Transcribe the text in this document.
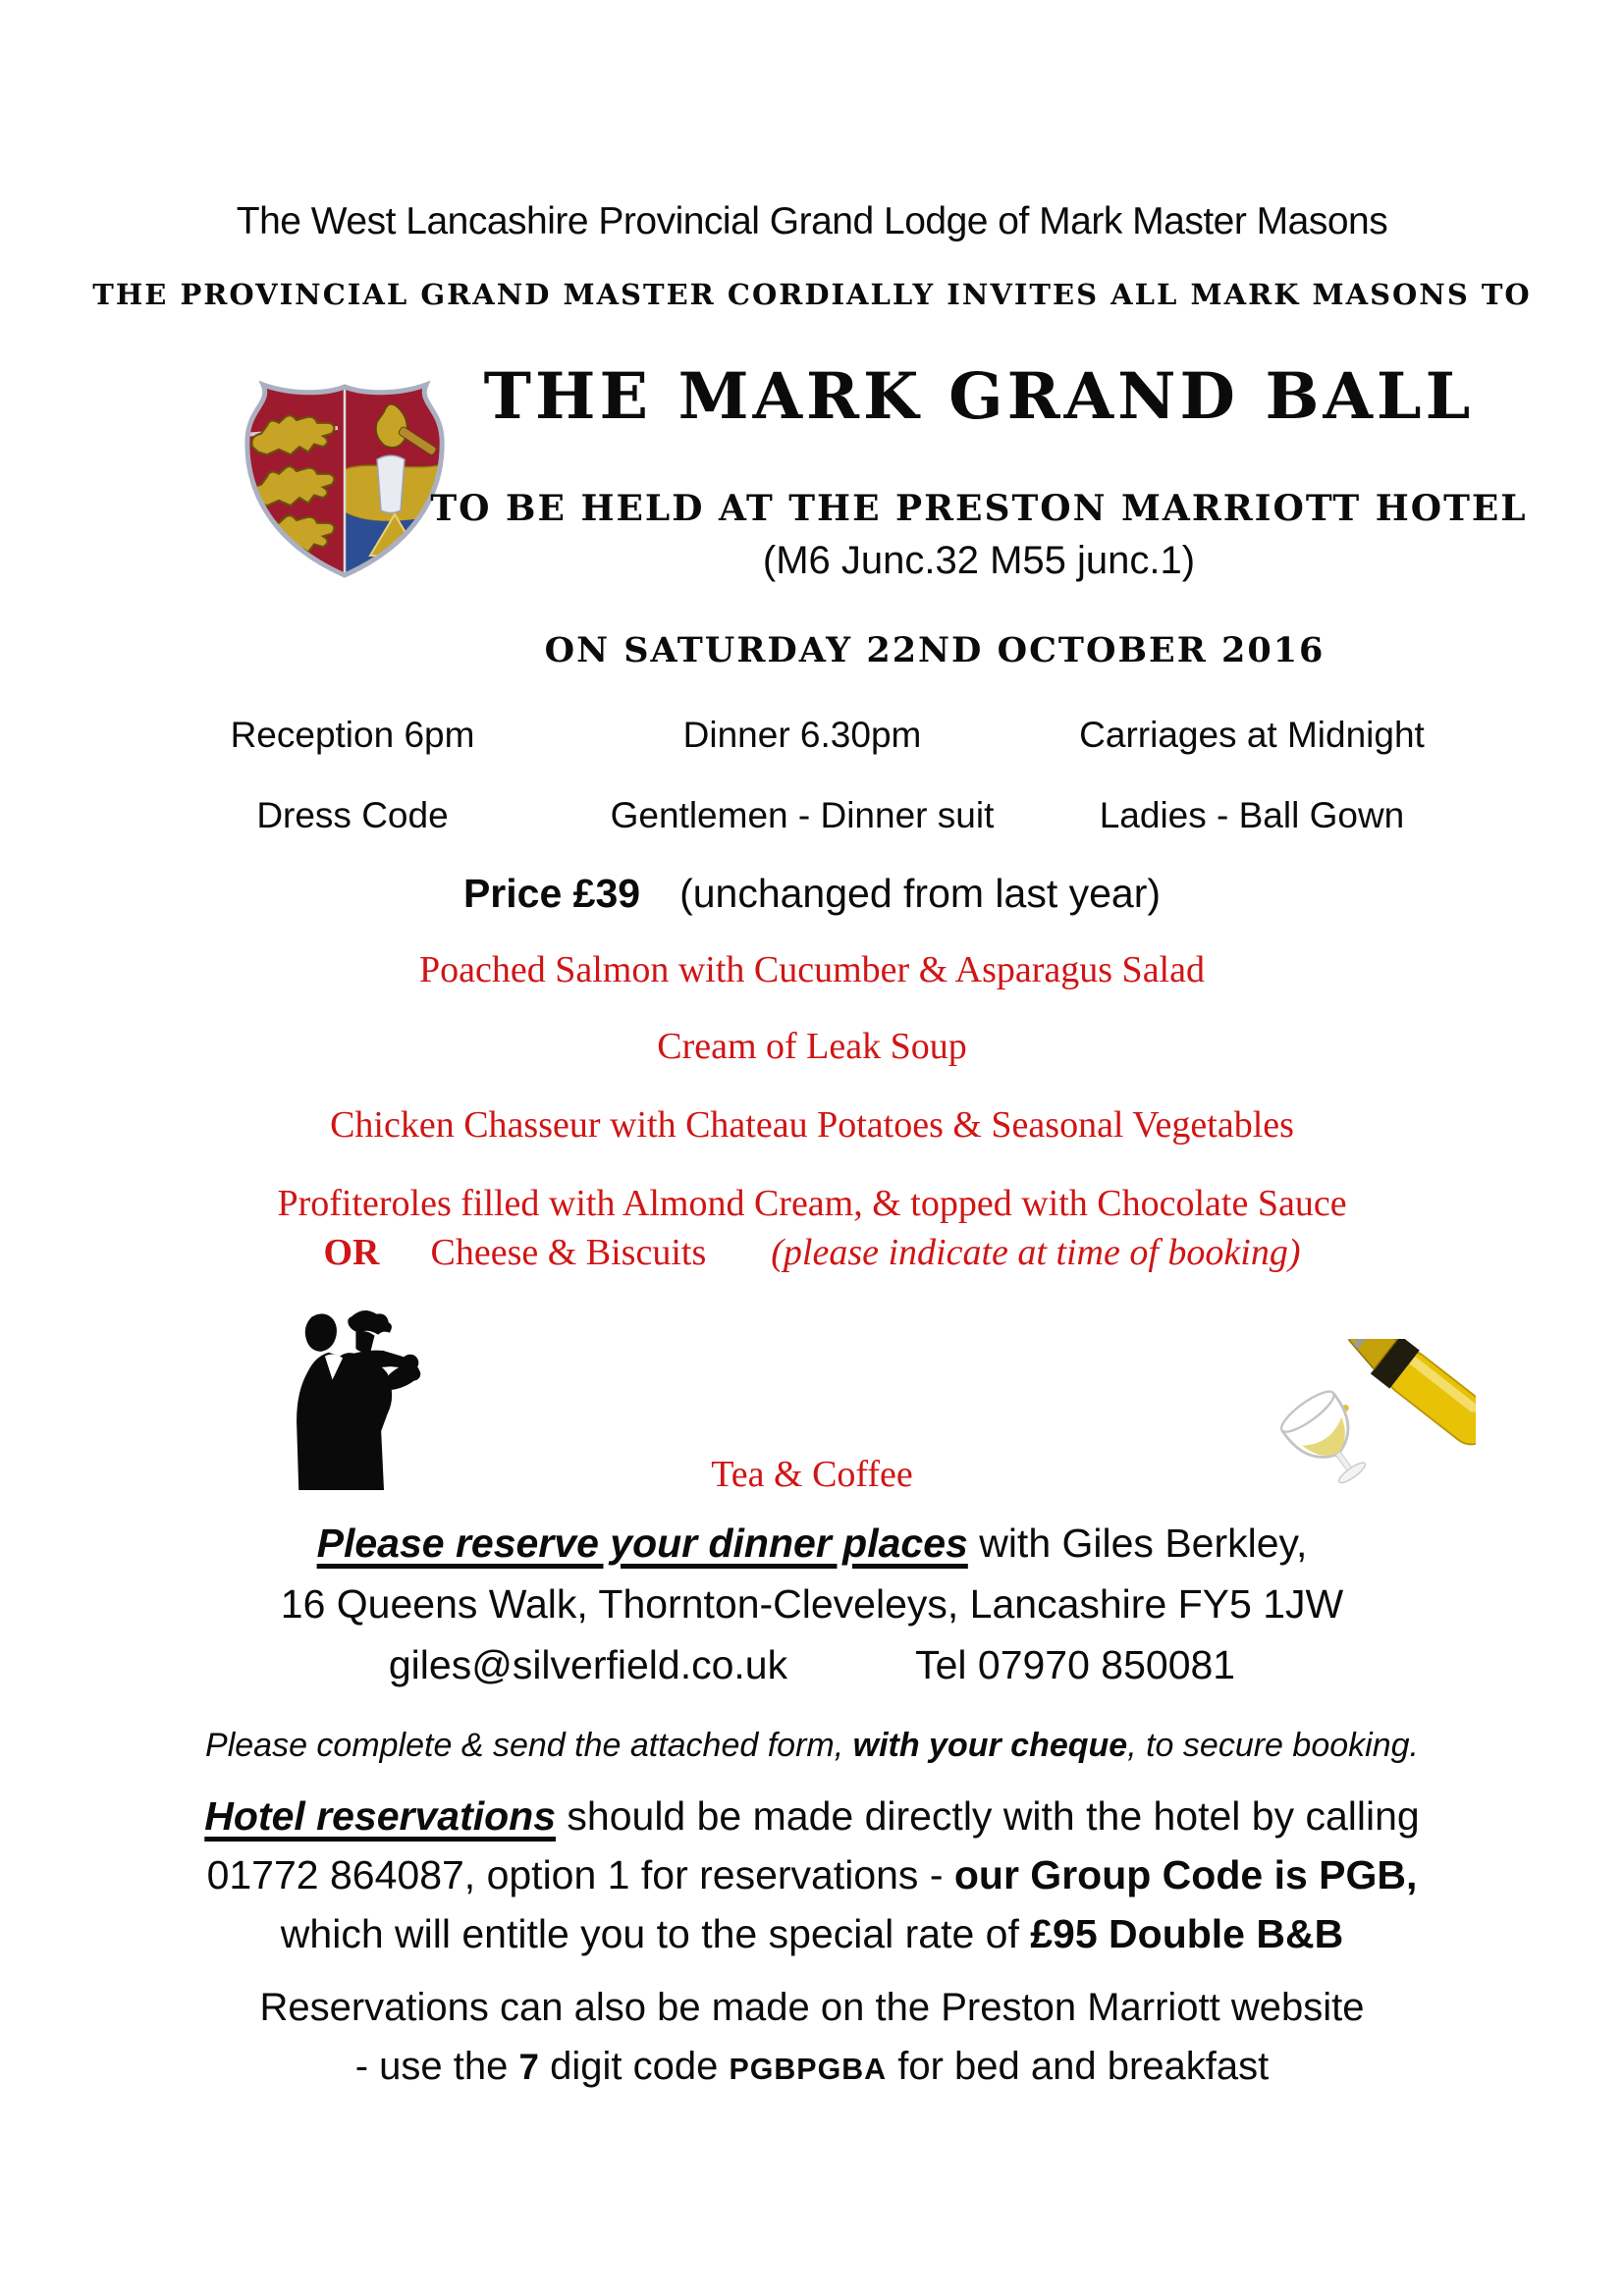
The West Lancashire Provincial Grand Lodge of Mark Master Masons
THE PROVINCIAL GRAND MASTER CORDIALLY INVITES ALL MARK MASONS TO
THE MARK GRAND BALL
TO BE HELD AT THE PRESTON MARRIOTT HOTEL
(M6 Junc.32 M55 junc.1)
ON SATURDAY 22ND OCTOBER 2016
Reception 6pm	Dinner 6.30pm	Carriages at Midnight
Dress Code	Gentlemen - Dinner suit	Ladies - Ball Gown
Price £39 (unchanged from last year)
Poached Salmon with Cucumber & Asparagus Salad
Cream of Leak Soup
Chicken Chasseur with Chateau Potatoes & Seasonal Vegetables
Profiteroles filled with Almond Cream, & topped with Chocolate Sauce
OR Cheese & Biscuits (please indicate at time of booking)
Tea & Coffee
Please reserve your dinner places with Giles Berkley,
16 Queens Walk, Thornton-Cleveleys, Lancashire FY5 1JW
giles@silverfield.co.uk	Tel 07970 850081
Please complete & send the attached form, with your cheque, to secure booking.
Hotel reservations should be made directly with the hotel by calling
01772 864087, option 1 for reservations - our Group Code is PGB,
which will entitle you to the special rate of £95 Double B&B
Reservations can also be made on the Preston Marriott website
- use the 7 digit code PGBPGBA for bed and breakfast
